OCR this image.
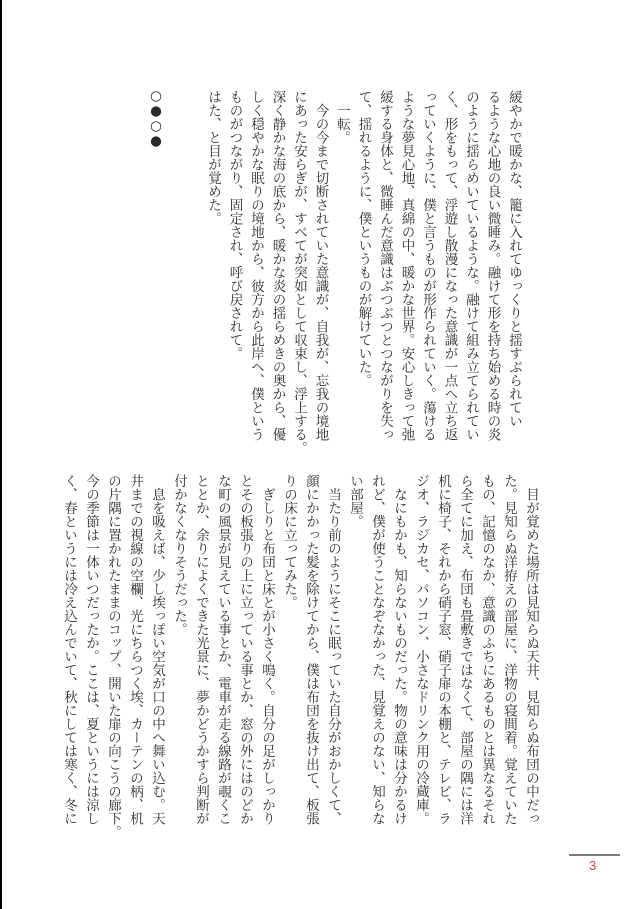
緩やかで暖かな、籠に入れてゆっくりと揺すぶられてい
るような心地の良い微睡み。融けて形を持ち始める時の炎
のように揺らめいているような。融けて組み立てられてい
く、形をもって、浮遊し散漫になった意識が一点へ立ち返
っていくように、僕と言うものが形作られていく。蕩ける
ような夢見心地、真綿の中、暖かな世界。安心しきって弛
緩する身体と、微睡んだ意識はぶつぶつとつながりを失っ
て、揺れるように、僕というものが解けていた。
　一転。
　今の今まで切断されていた意識が、自我が、忘我の境地
にあった安らぎが、すべてが突如として収束し、浮上する。
深く静かな海の底から、暖かな炎の揺らめきの奥から、優
しく穏やかな眠りの境地から、彼方から此岸へ、僕という
ものがつながり、固定され、呼び戻されて。
はた、と目が覚めた。
○●○●
　目が覚めた場所は見知らぬ天井、見知らぬ布団の中だっ
た。見知らぬ洋拵えの部屋に、洋物の寝間着。覚えていた
もの、記憶のなか、意識のふちにあるものとは異なるそれ
ら全てに加え、布団も畳敷きではなくて、部屋の隅には洋
机に椅子、それから硝子窓、硝子扉の本棚と、テレビ、ラ
ジオ、ラジカセ、パソコン、小さなドリンク用の冷蔵庫。
　なにもかも、知らないものだった。物の意味は分かるけ
れど、僕が使うことなぞなかった、見覚えのない、知らな
い部屋。
　当たり前のようにそこに眠っていた自分がおかしくて、
顔にかかった髪を除けてから、僕は布団を抜け出て、板張
りの床に立ってみた。
　ぎしりと布団と床とが小さく鳴く。自分の足がしっかり
とその板張りの上に立っている事とか、窓の外にはのどか
な町の風景が見えている事とか、電車が走る線路が覗くこ
ととか、余りによくできた光景に、夢かどうかすら判断が
付かなくなりそうだった。
　息を吸えば、少し埃っぽい空気が口の中へ舞い込む。天
井までの視線の空欄、光にちらつく埃、カーテンの柄、机
の片隅に置かれたままのコップ、開いた扉の向こうの廊下。
今の季節は一体いつだったか。ここは、夏というには涼し
く、春というには冷え込んでいて、秋にしては寒く、冬に
3
